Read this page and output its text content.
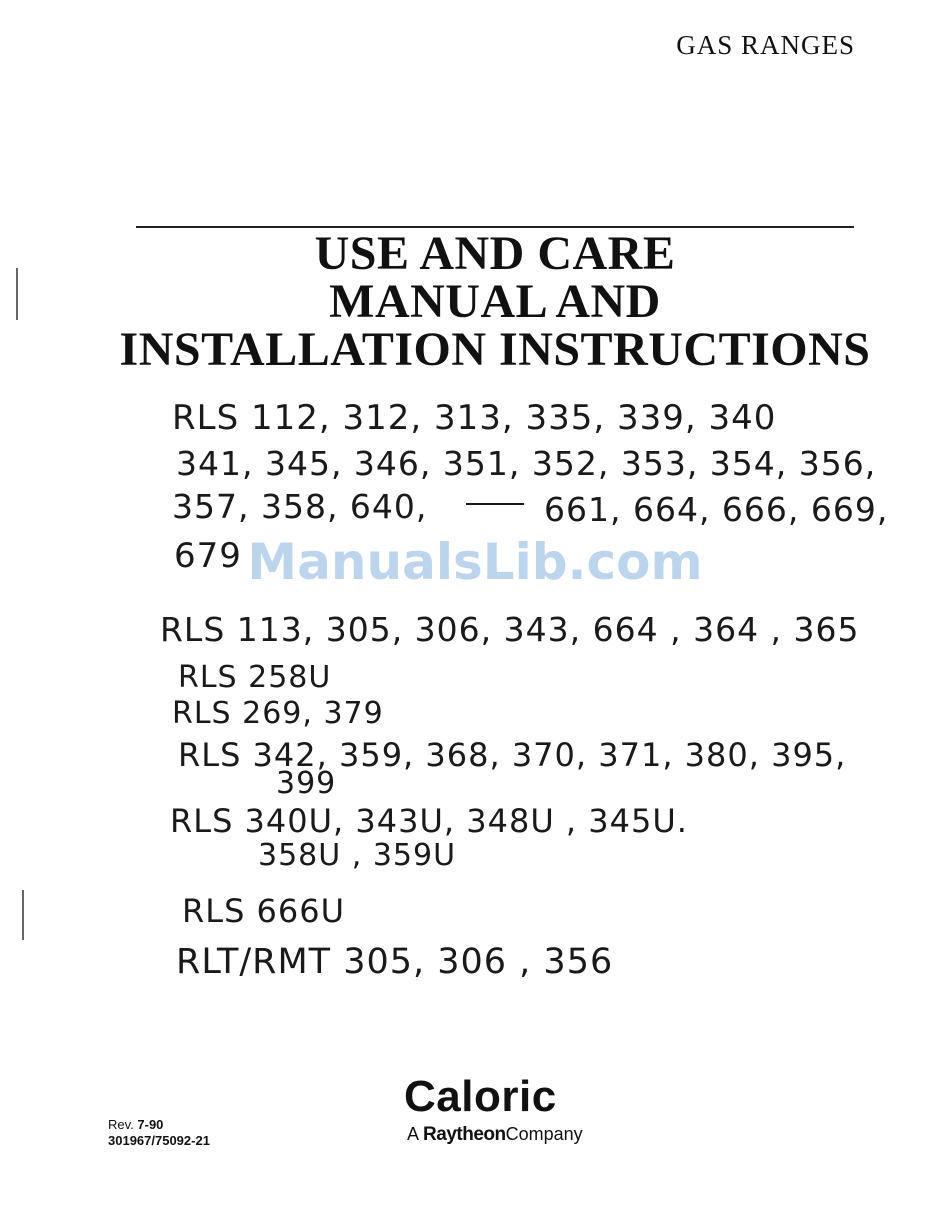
GAS RANGES
USE AND CARE
MANUAL AND
INSTALLATION INSTRUCTIONS
RLS 112, 312, 313, 335, 339, 340
341, 345, 346, 351, 352, 353, 354, 356,
357, 358, 640,
  	661, 664, 666, 669,
679 ManualsLib.com
RLS 113, 305, 306, 343, 664 , 364 , 365
RLS 258U
RLS 269, 379
RLS 342, 359, 368, 370, 371, 380, 395,
399
RLS 340U, 343U, 348U , 345U.
358U , 359U
RLS 666U
RLT/RMT 305, 306 , 356
Rev. 7-90
301967/75092-21
Caloric
A RaytheonCompany
